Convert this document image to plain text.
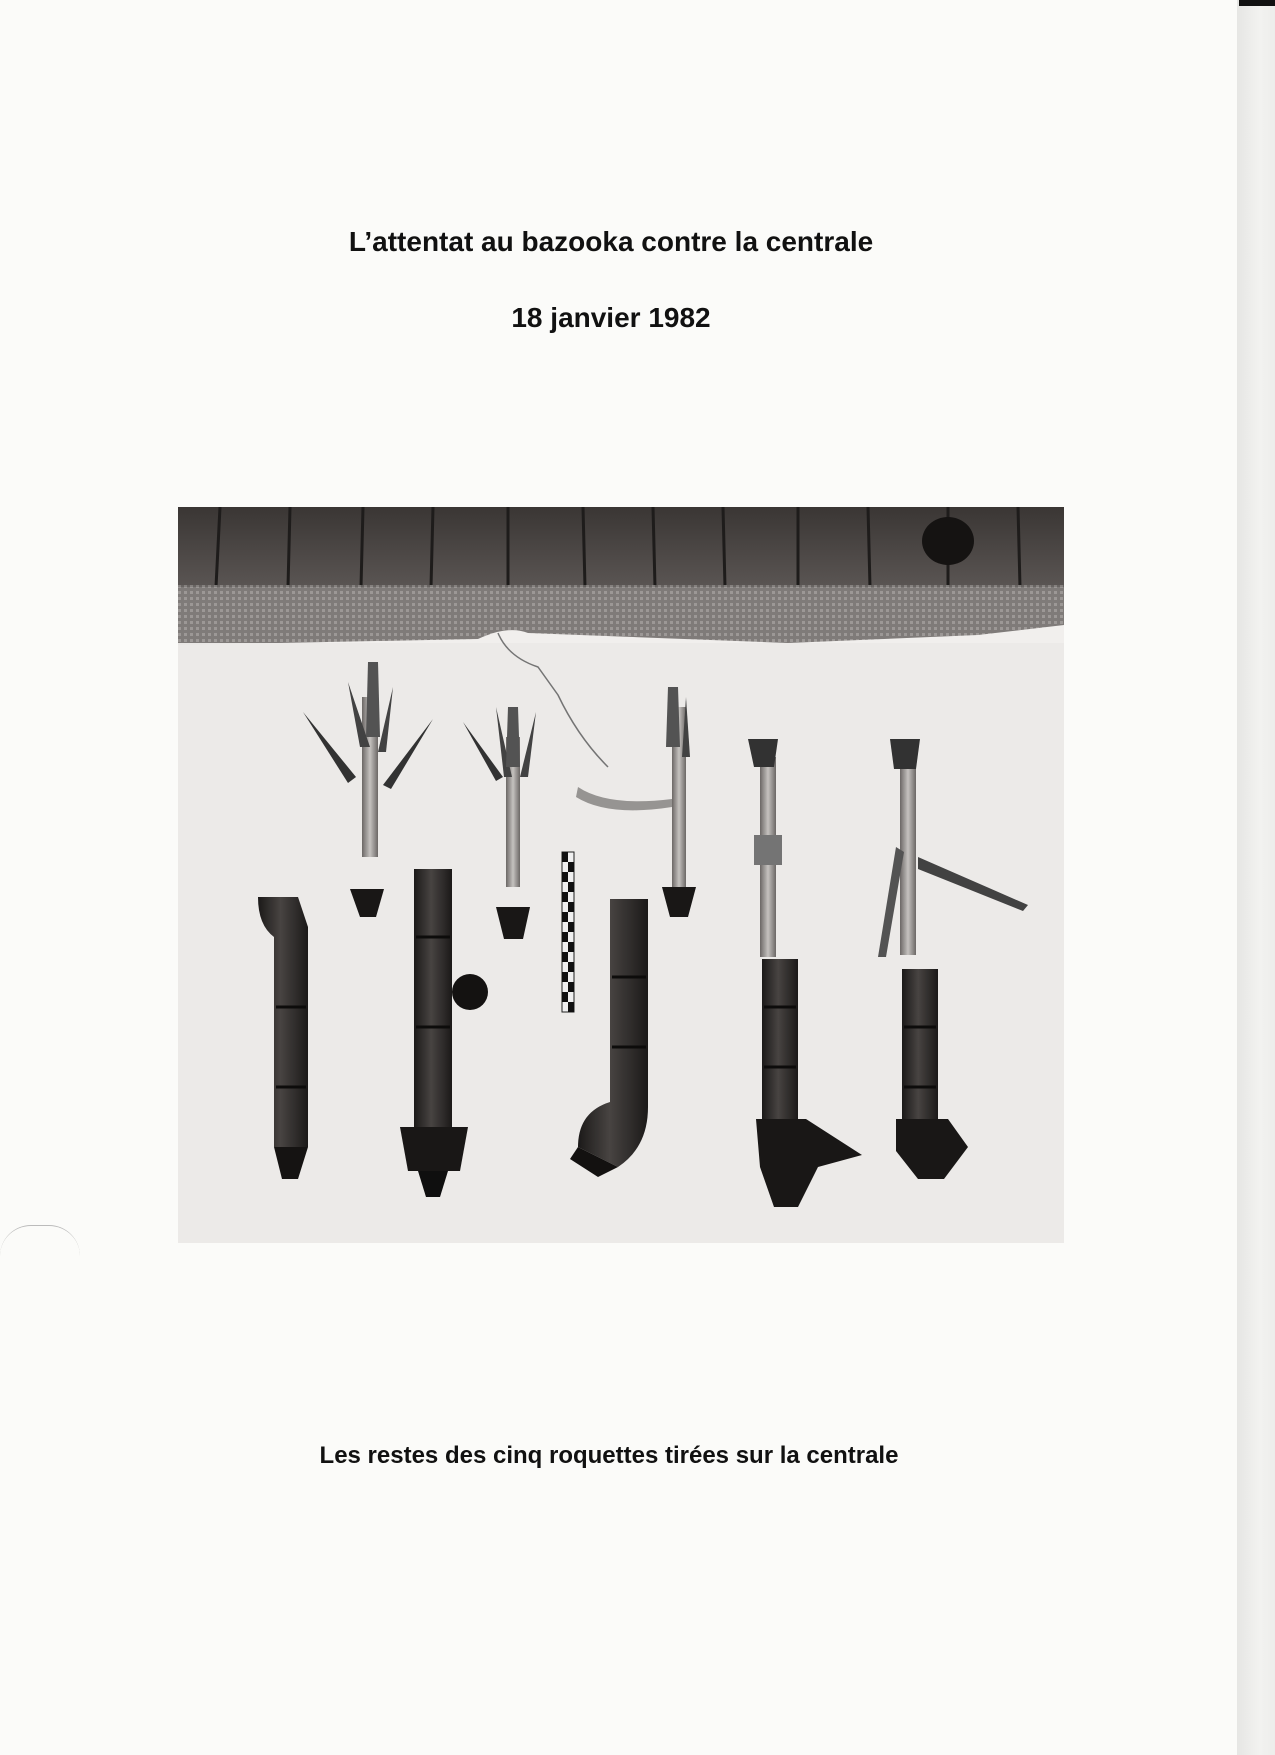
L’attentat au bazooka contre la centrale
18 janvier 1982

Les restes des cinq roquettes tirées sur la centrale
